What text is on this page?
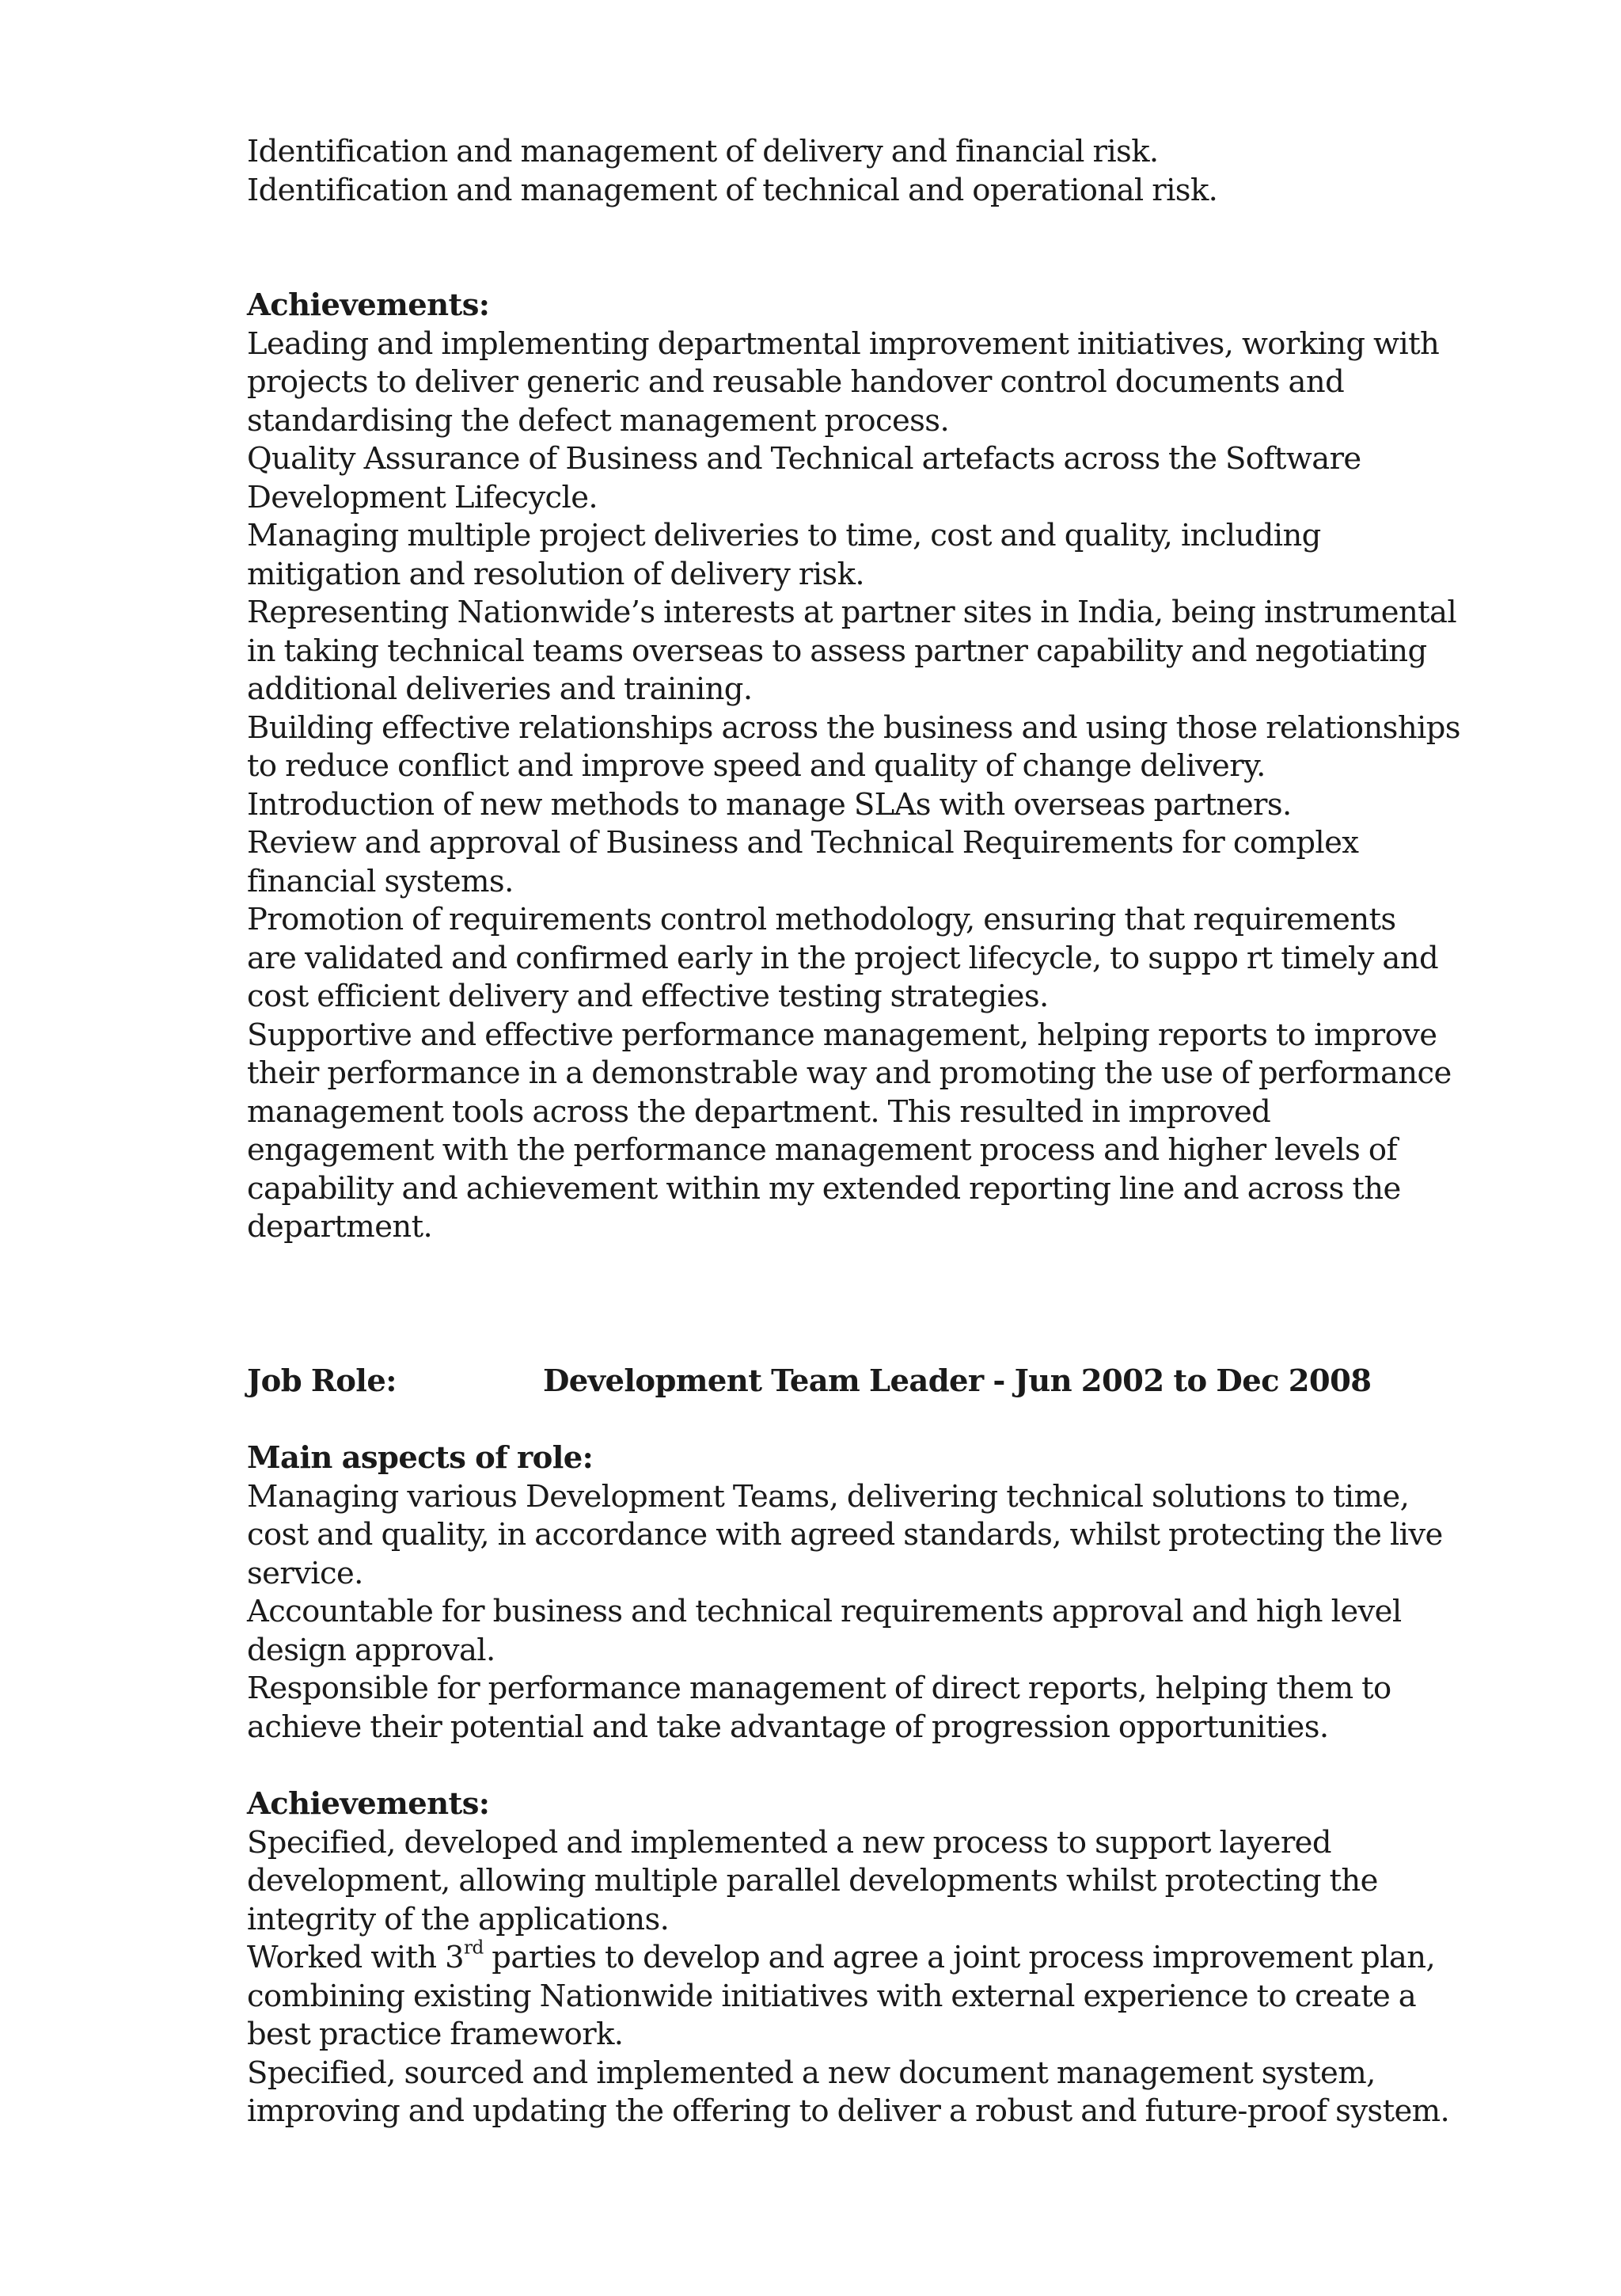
Identification and management of delivery and financial risk.

Identification and management of technical and operational risk.

Achievements:

Leading and implementing departmental improvement initiatives, working with

projects to deliver generic and reusable handover control documents and

standardising the defect management process.

Quality Assurance of Business and Technical artefacts across the Software

Development Lifecycle.

Managing multiple project deliveries to time, cost and quality, including

mitigation and resolution of delivery risk.

Representing Nationwide’s interests at partner sites in India, being instrumental

in taking technical teams overseas to assess partner capability and negotiating

additional deliveries and training.

Building effective relationships across the business and using those relationships

to reduce conflict and improve speed and quality of change delivery.

Introduction of new methods to manage SLAs with overseas partners.

Review and approval of Business and Technical Requirements for complex

financial systems.

Promotion of requirements control methodology, ensuring that requirements

are validated and confirmed early in the project lifecycle, to suppo rt timely and

cost efficient delivery and effective testing strategies.

Supportive and effective performance management, helping reports to improve

their performance in a demonstrable way and promoting the use of performance

management tools across the department. This resulted in improved

engagement with the performance management process and higher levels of

capability and achievement within my extended reporting line and across the

department.

Job Role:	Development Team Leader - Jun 2002 to Dec 2008

Main aspects of role:

Managing various Development Teams, delivering technical solutions to time,

cost and quality, in accordance with agreed standards, whilst protecting the live

service.

Accountable for business and technical requirements approval and high level

design approval.

Responsible for performance management of direct reports, helping them to

achieve their potential and take advantage of progression opportunities.

Achievements:

Specified, developed and implemented a new process to support layered

development, allowing multiple parallel developments whilst protecting the

integrity of the applications.

Worked with 3rd parties to develop and agree a joint process improvement plan,

combining existing Nationwide initiatives with external experience to create a

best practice framework.

Specified, sourced and implemented a new document management system,

improving and updating the offering to deliver a robust and future-proof system.
